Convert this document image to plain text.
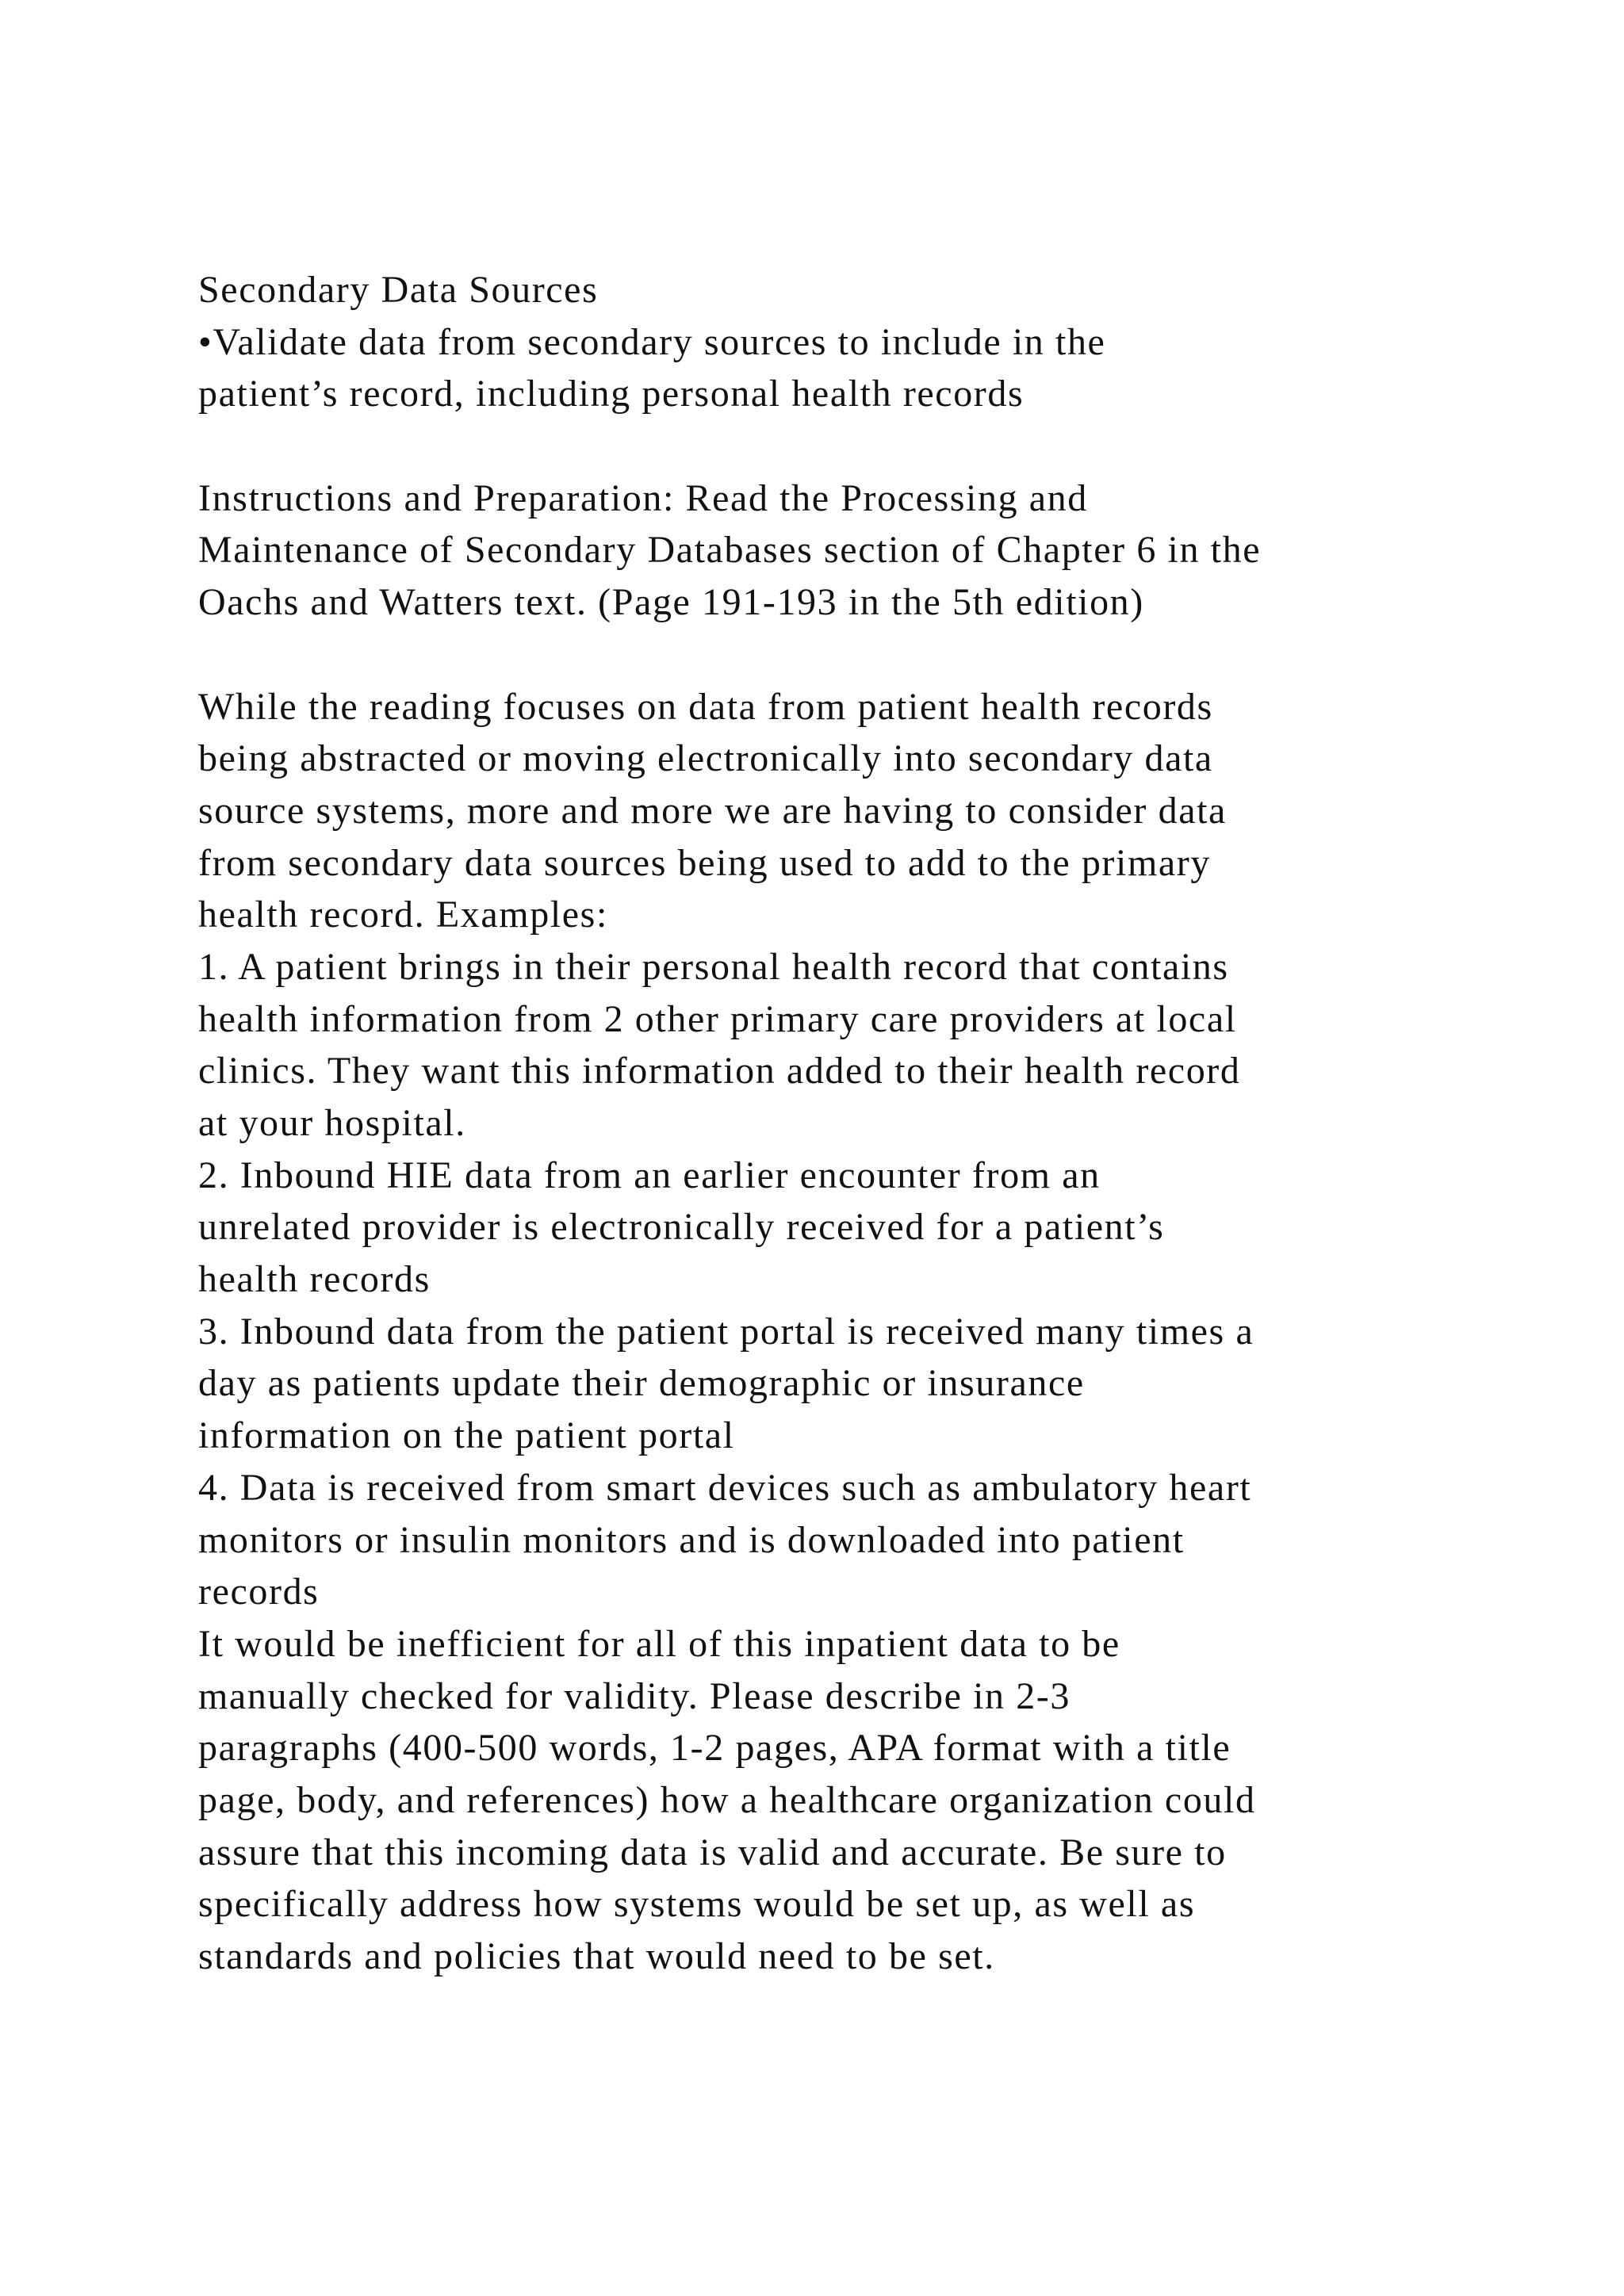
Secondary Data Sources
•Validate data from secondary sources to include in the
patient’s record, including personal health records
Instructions and Preparation: Read the Processing and
Maintenance of Secondary Databases section of Chapter 6 in the
Oachs and Watters text. (Page 191-193 in the 5th edition)
While the reading focuses on data from patient health records
being abstracted or moving electronically into secondary data
source systems, more and more we are having to consider data
from secondary data sources being used to add to the primary
health record. Examples:
1. A patient brings in their personal health record that contains
health information from 2 other primary care providers at local
clinics. They want this information added to their health record
at your hospital.
2. Inbound HIE data from an earlier encounter from an
unrelated provider is electronically received for a patient’s
health records
3. Inbound data from the patient portal is received many times a
day as patients update their demographic or insurance
information on the patient portal
4. Data is received from smart devices such as ambulatory heart
monitors or insulin monitors and is downloaded into patient
records
It would be inefficient for all of this inpatient data to be
manually checked for validity. Please describe in 2-3
paragraphs (400-500 words, 1-2 pages, APA format with a title
page, body, and references) how a healthcare organization could
assure that this incoming data is valid and accurate. Be sure to
specifically address how systems would be set up, as well as
standards and policies that would need to be set.
